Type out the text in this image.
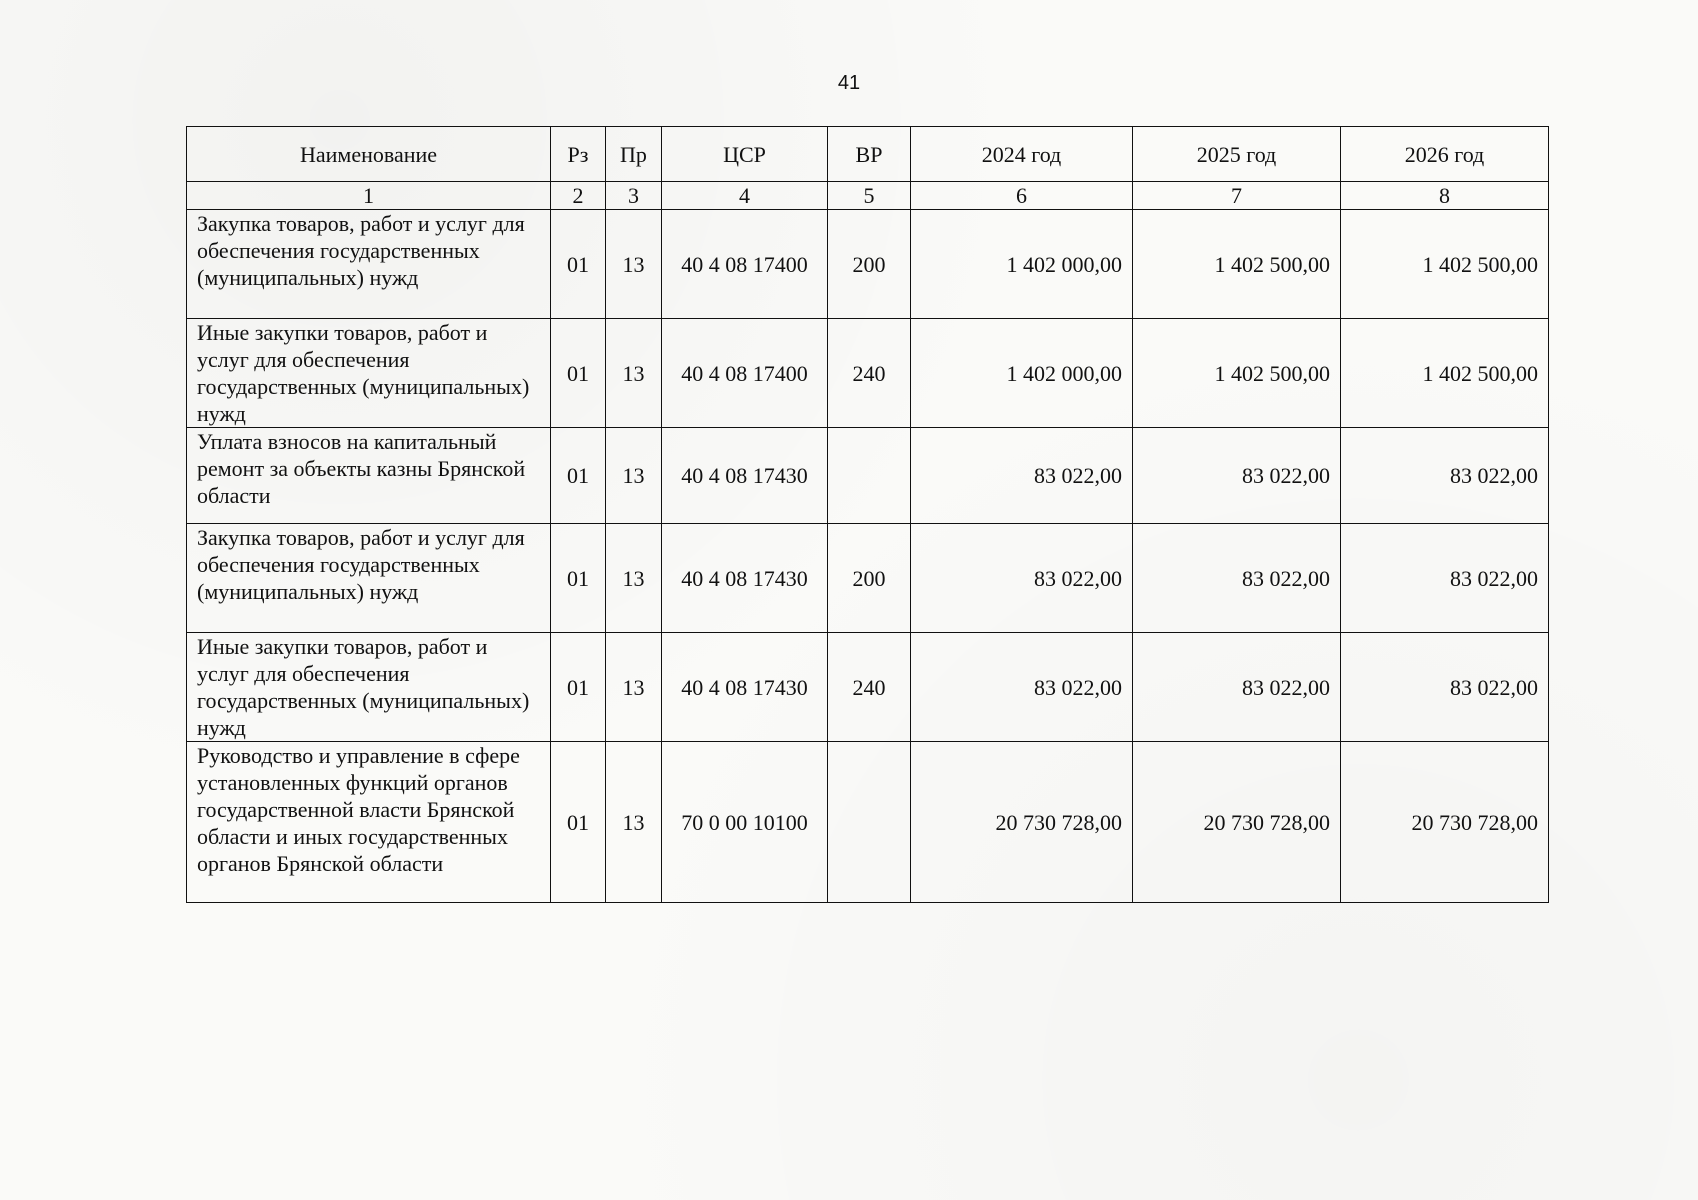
41
Наименование	Рз	Пр	ЦСР	ВР	2024 год	2025 год	2026 год
1	2	3	4	5	6	7	8
Закупка товаров, работ и услуг для обеспечения государственных (муниципальных) нужд	01	13	40 4 08 17400	200	1 402 000,00	1 402 500,00	1 402 500,00
Иные закупки товаров, работ и услуг для обеспечения государственных (муниципальных) нужд	01	13	40 4 08 17400	240	1 402 000,00	1 402 500,00	1 402 500,00
Уплата взносов на капитальный ремонт за объекты казны Брянской области	01	13	40 4 08 17430		83 022,00	83 022,00	83 022,00
Закупка товаров, работ и услуг для обеспечения государственных (муниципальных) нужд	01	13	40 4 08 17430	200	83 022,00	83 022,00	83 022,00
Иные закупки товаров, работ и услуг для обеспечения государственных (муниципальных) нужд	01	13	40 4 08 17430	240	83 022,00	83 022,00	83 022,00
Руководство и управление в сфере установленных функций органов государственной власти Брянской области и иных государственных органов Брянской области	01	13	70 0 00 10100		20 730 728,00	20 730 728,00	20 730 728,00
